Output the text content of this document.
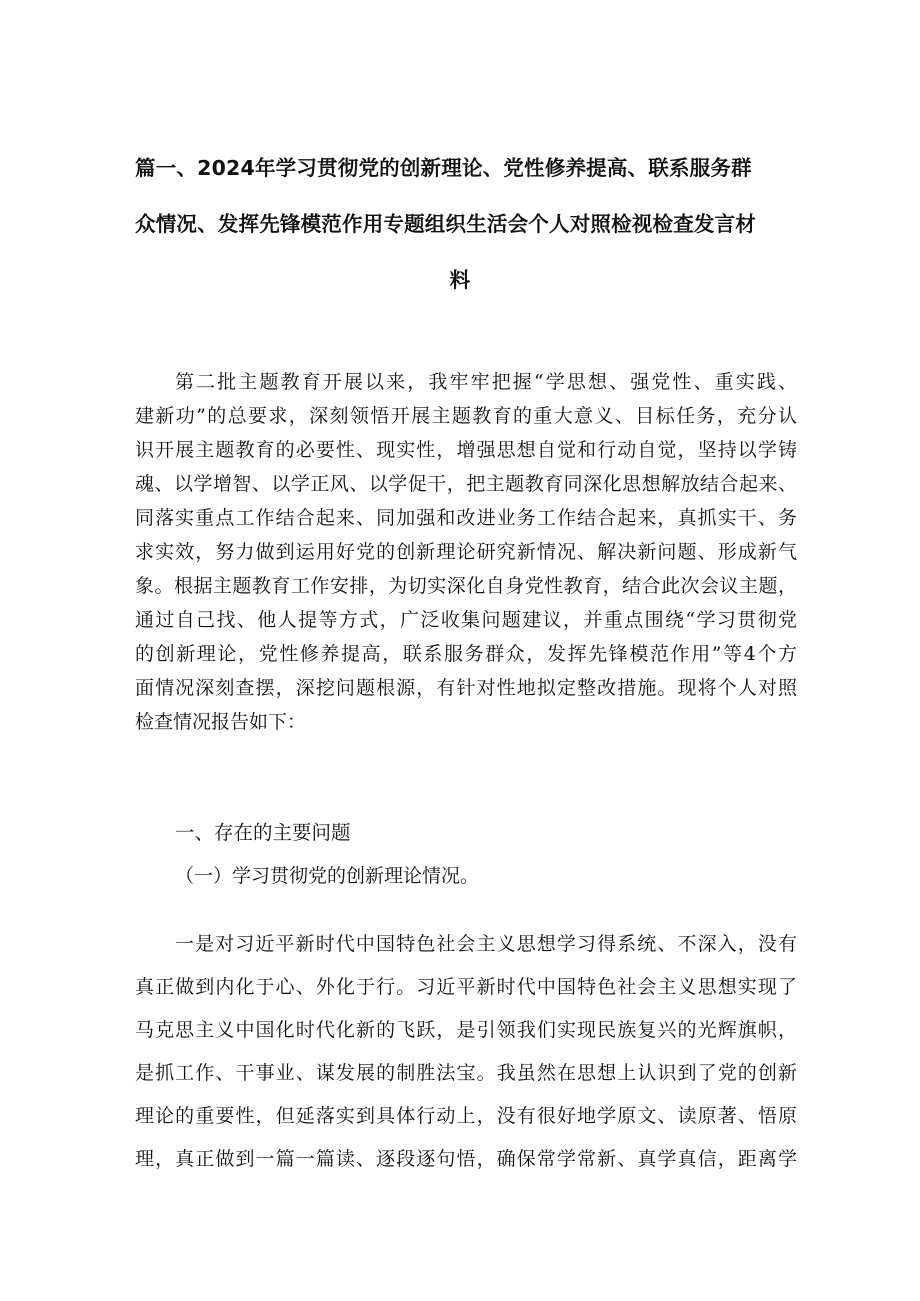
篇一、2024年学习贯彻党的创新理论、党性修养提高、联系服务群
众情况、发挥先锋模范作用专题组织生活会个人对照检视检查发言材
料
第二批主题教育开展以来，我牢牢把握“学思想、强党性、重实践、
建新功”的总要求，深刻领悟开展主题教育的重大意义、目标任务，充分认
识开展主题教育的必要性、现实性，增强思想自觉和行动自觉，坚持以学铸
魂、以学增智、以学正风、以学促干，把主题教育同深化思想解放结合起来、
同落实重点工作结合起来、同加强和改进业务工作结合起来，真抓实干、务
求实效，努力做到运用好党的创新理论研究新情况、解决新问题、形成新气
象。根据主题教育工作安排，为切实深化自身党性教育，结合此次会议主题，
通过自己找、他人提等方式，广泛收集问题建议，并重点围绕“学习贯彻党
的创新理论，党性修养提高，联系服务群众，发挥先锋模范作用”等4个方
面情况深刻查摆，深挖问题根源，有针对性地拟定整改措施。现将个人对照
检查情况报告如下：
一、存在的主要问题
（一）学习贯彻党的创新理论情况。
一是对习近平新时代中国特色社会主义思想学习得系统、不深入，没有
真正做到内化于心、外化于行。习近平新时代中国特色社会主义思想实现了
马克思主义中国化时代化新的飞跃，是引领我们实现民族复兴的光辉旗帜，
是抓工作、干事业、谋发展的制胜法宝。我虽然在思想上认识到了党的创新
理论的重要性，但延落实到具体行动上，没有很好地学原文、读原著、悟原
理，真正做到一篇一篇读、逐段逐句悟，确保常学常新、真学真信，距离学
